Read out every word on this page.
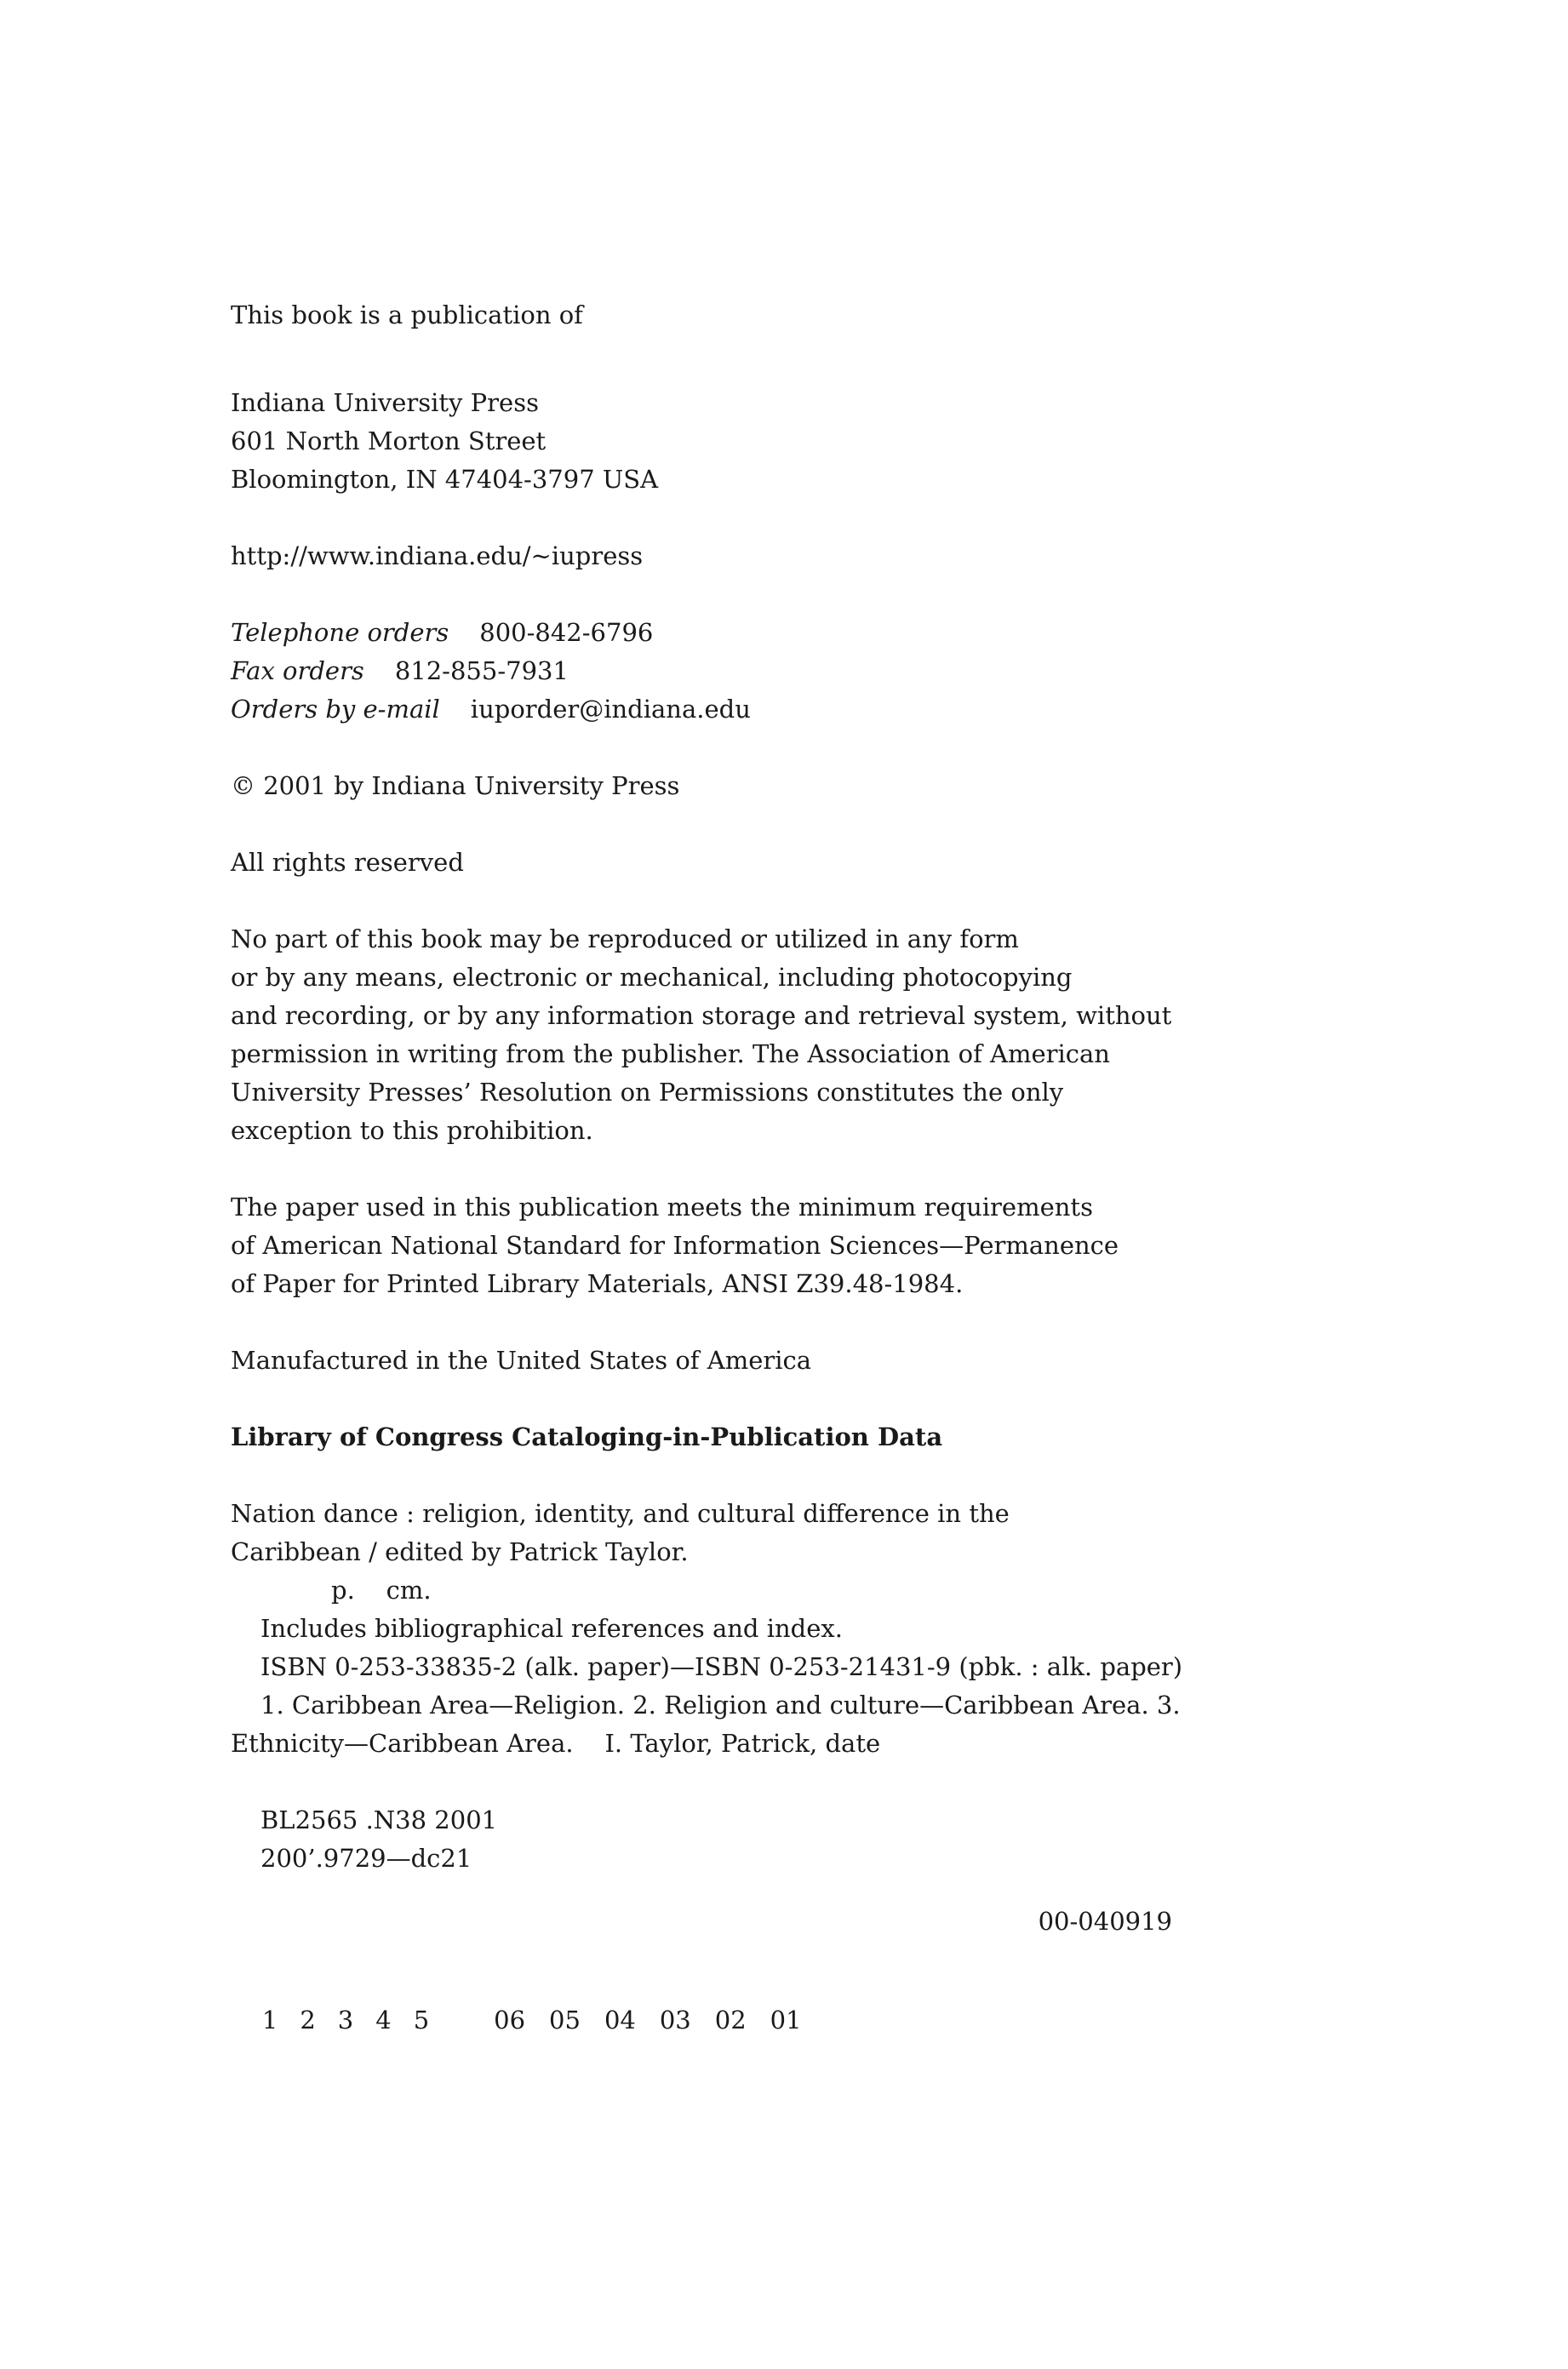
This book is a publication of

Indiana University Press

601 North Morton Street

Bloomington, IN 47404-3797 USA

http://www.indiana.edu/~iupress

Telephone orders 800-842-6796

Fax orders 812-855-7931

Orders by e-mail iuporder@indiana.edu

© 2001 by Indiana University Press

All rights reserved

No part of this book may be reproduced or utilized in any form

or by any means, electronic or mechanical, including photocopying

and recording, or by any information storage and retrieval system, without

permission in writing from the publisher. The Association of American

University Presses’ Resolution on Permissions constitutes the only

exception to this prohibition.

The paper used in this publication meets the minimum requirements

of American National Standard for Information Sciences—Permanence

of Paper for Printed Library Materials, ANSI Z39.48-1984.

Manufactured in the United States of America

Library of Congress Cataloging-in-Publication Data

Nation dance : religion, identity, and cultural difference in the

Caribbean / edited by Patrick Taylor.

p.    cm.

Includes bibliographical references and index.

ISBN 0-253-33835-2 (alk. paper)—ISBN 0-253-21431-9 (pbk. : alk. paper)

1. Caribbean Area—Religion. 2. Religion and culture—Caribbean Area. 3.

Ethnicity—Caribbean Area.    I. Taylor, Patrick, date

BL2565 .N38 2001

200’.9729—dc21

00-040919

1 2 3 4 5	06 05 04 03 02 01
